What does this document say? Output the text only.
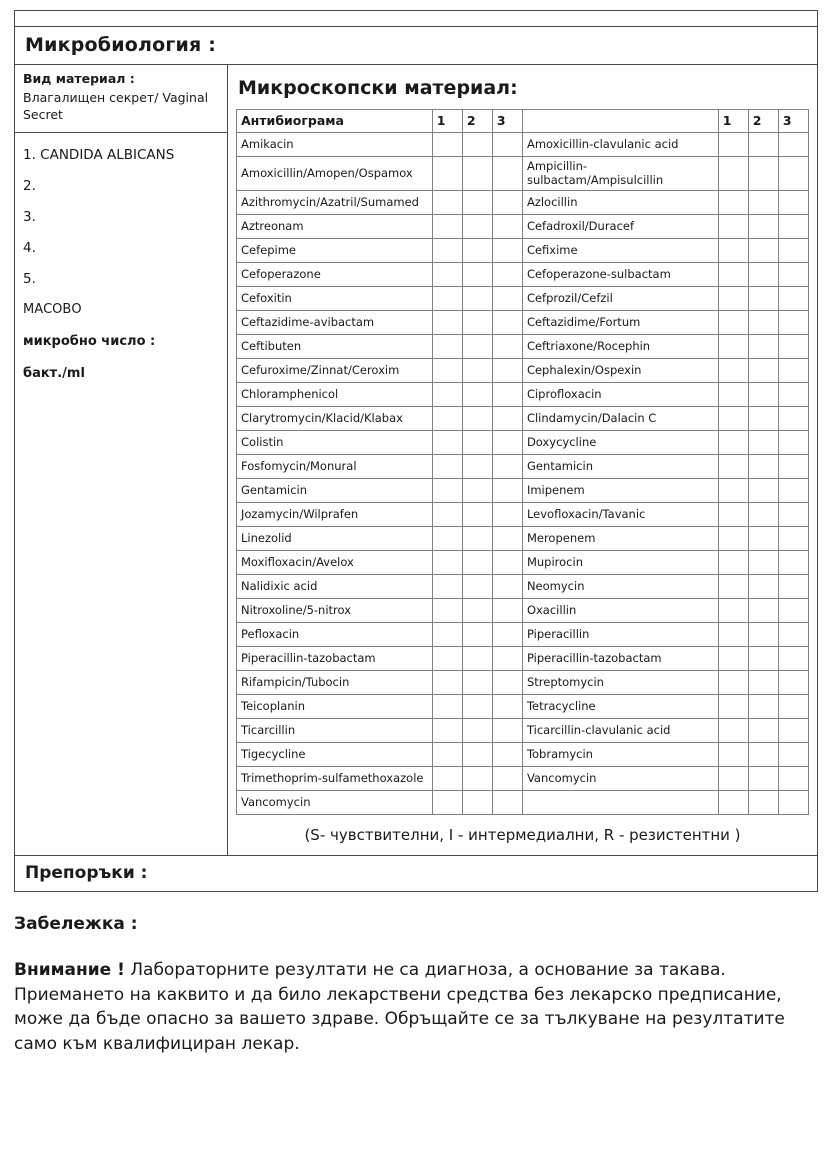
Микробиология :
Вид материал :
Влагалищен секрет/ Vaginal Secret
1. CANDIDA ALBICANS
2.
3.
4.
5.
МАСОВО
микробно число :
бакт./ml
Микроскопски материал:
Антибиограма	1	2	3		1	2	3
Amikacin				Amoxicillin-clavulanic acid			
Amoxicillin/Amopen/Ospamox				Ampicillin-sulbactam/Ampisulcillin			
Azithromycin/Azatril/Sumamed				Azlocillin			
Aztreonam				Cefadroxil/Duracef			
Cefepime				Cefixime			
Cefoperazone				Cefoperazone-sulbactam			
Cefoxitin				Cefprozil/Cefzil			
Ceftazidime-avibactam				Ceftazidime/Fortum			
Ceftibuten				Ceftriaxone/Rocephin			
Cefuroxime/Zinnat/Ceroxim				Cephalexin/Ospexin			
Chloramphenicol				Ciprofloxacin			
Clarytromycin/Klacid/Klabax				Clindamycin/Dalacin C			
Colistin				Doxycycline			
Fosfomycin/Monural				Gentamicin			
Gentamicin				Imipenem			
Jozamycin/Wilprafen				Levofloxacin/Tavanic			
Linezolid				Meropenem			
Moxifloxacin/Avelox				Mupirocin			
Nalidixic acid				Neomycin			
Nitroxoline/5-nitrox				Oxacillin			
Pefloxacin				Piperacillin			
Piperacillin-tazobactam				Piperacillin-tazobactam			
Rifampicin/Tubocin				Streptomycin			
Teicoplanin				Tetracycline			
Ticarcillin				Ticarcillin-clavulanic acid			
Tigecycline				Tobramycin			
Trimethoprim-sulfamethoxazole				Vancomycin			
Vancomycin							
(S- чувствителни, I - интермедиални, R - резистентни )
Препоръки :
Забележка :
Внимание ! Лабораторните резултати не са диагноза, а основание за такава. Приемането на каквито и да било лекарствени средства без лекарско предписание, може да бъде опасно за вашето здраве. Обръщайте се за тълкуване на резултатите само към квалифициран лекар.
